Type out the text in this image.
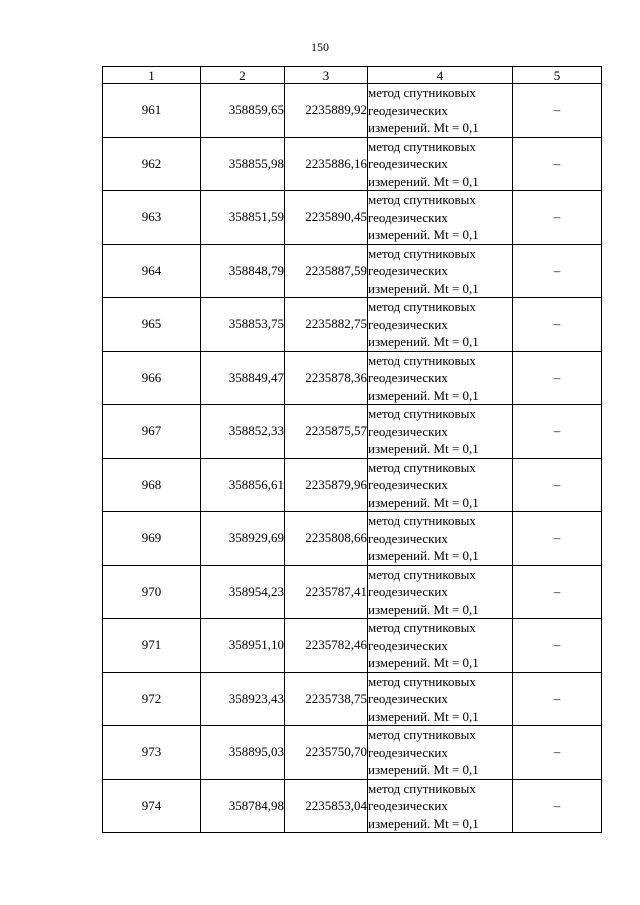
150
1	2	3	4	5
961	358859,65	2235889,92	метод спутниковых
геодезических
измерений. Mt = 0,1	–
962	358855,98	2235886,16	метод спутниковых
геодезических
измерений. Mt = 0,1	–
963	358851,59	2235890,45	метод спутниковых
геодезических
измерений. Mt = 0,1	–
964	358848,79	2235887,59	метод спутниковых
геодезических
измерений. Mt = 0,1	–
965	358853,75	2235882,75	метод спутниковых
геодезических
измерений. Mt = 0,1	–
966	358849,47	2235878,36	метод спутниковых
геодезических
измерений. Mt = 0,1	–
967	358852,33	2235875,57	метод спутниковых
геодезических
измерений. Mt = 0,1	–
968	358856,61	2235879,96	метод спутниковых
геодезических
измерений. Mt = 0,1	–
969	358929,69	2235808,66	метод спутниковых
геодезических
измерений. Mt = 0,1	–
970	358954,23	2235787,41	метод спутниковых
геодезических
измерений. Mt = 0,1	–
971	358951,10	2235782,46	метод спутниковых
геодезических
измерений. Mt = 0,1	–
972	358923,43	2235738,75	метод спутниковых
геодезических
измерений. Mt = 0,1	–
973	358895,03	2235750,70	метод спутниковых
геодезических
измерений. Mt = 0,1	–
974	358784,98	2235853,04	метод спутниковых
геодезических
измерений. Mt = 0,1	–
